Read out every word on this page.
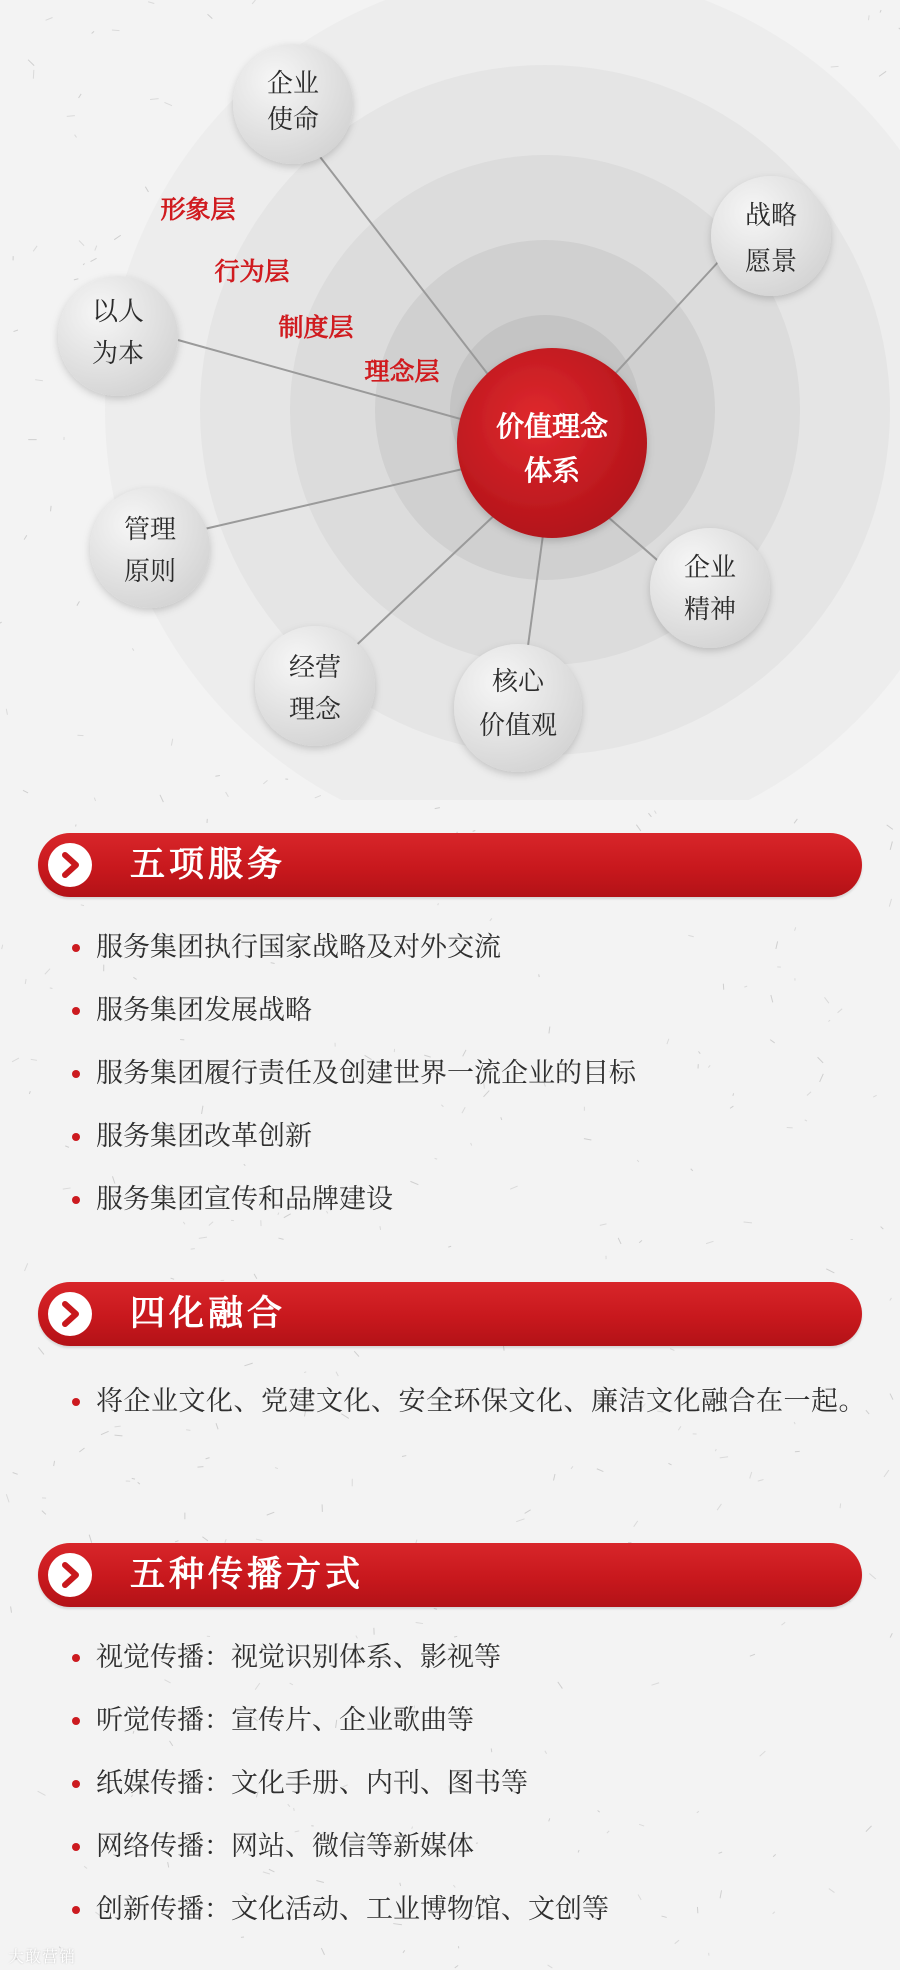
形象层
行为层
制度层
理念层
价值理念
体系
企业
使命
战略
愿景
以人
为本
管理
原则
经营
理念
核心
价值观
企业
精神
五项服务
服务集团执行国家战略及对外交流
服务集团发展战略
服务集团履行责任及创建世界一流企业的目标
服务集团改革创新
服务集团宣传和品牌建设
四化融合
将企业文化、党建文化、安全环保文化、廉洁文化融合在一起。
五种传播方式
视觉传播：视觉识别体系、影视等
听觉传播：宣传片、企业歌曲等
纸媒传播：文化手册、内刊、图书等
网络传播：网站、微信等新媒体
创新传播：文化活动、工业博物馆、文创等
大敢营销
